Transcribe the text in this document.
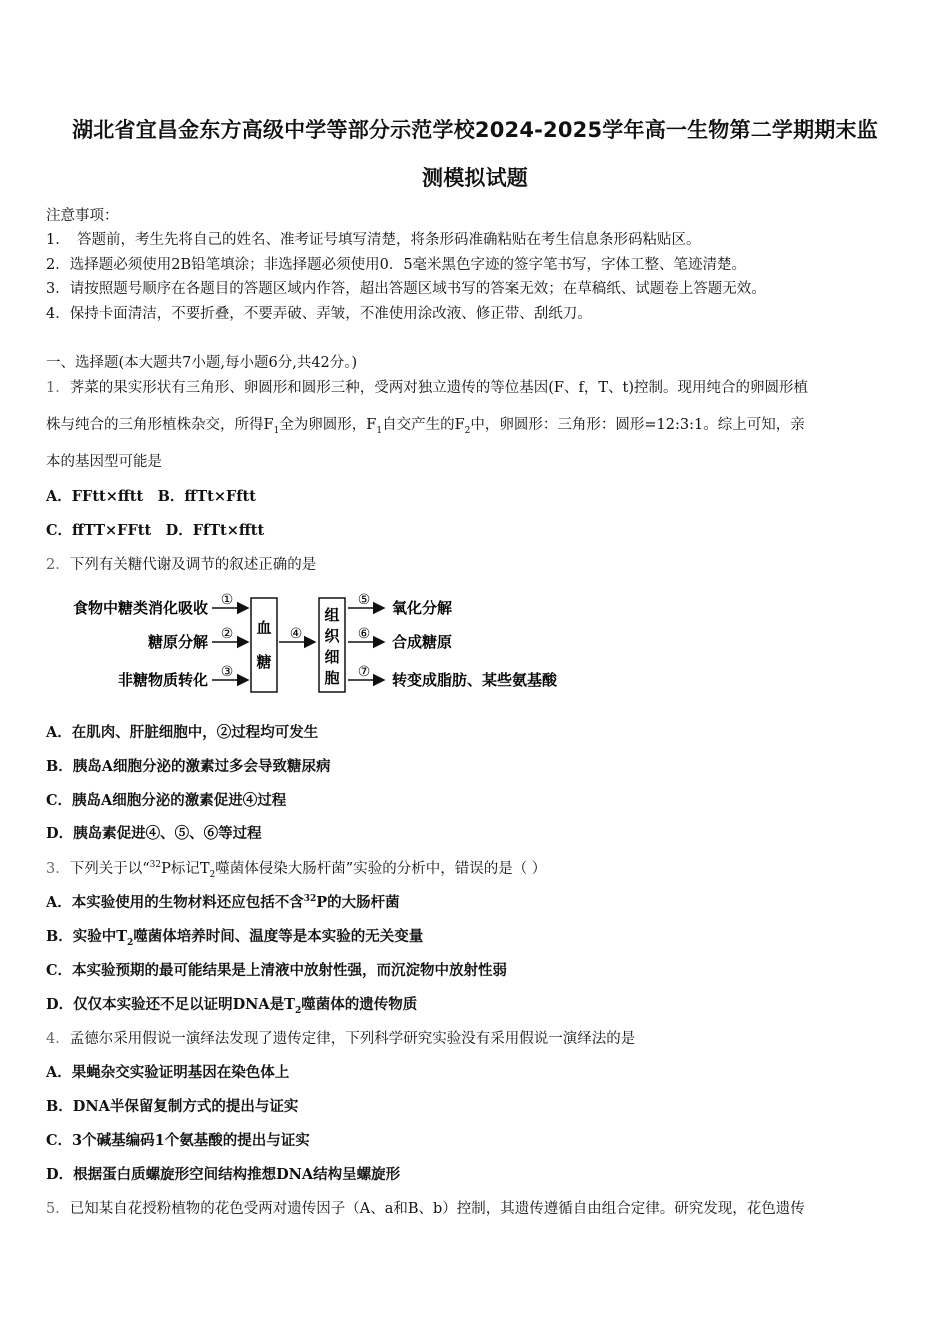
湖北省宜昌金东方高级中学等部分示范学校2024-2025学年高一生物第二学期期末监
测模拟试题
注意事项：
1．　答题前，考生先将自己的姓名、准考证号填写清楚，将条形码准确粘贴在考生信息条形码粘贴区。
2．选择题必须使用2B铅笔填涂；非选择题必须使用0．5毫米黑色字迹的签字笔书写，字体工整、笔迹清楚。
3．请按照题号顺序在各题目的答题区域内作答，超出答题区域书写的答案无效；在草稿纸、试题卷上答题无效。
4．保持卡面清洁，不要折叠，不要弄破、弄皱，不准使用涂改液、修正带、刮纸刀。
一、选择题(本大题共7小题,每小题6分,共42分。)
1．荠菜的果实形状有三角形、卵圆形和圆形三种，受两对独立遗传的等位基因(F、f，T、t)控制。现用纯合的卵圆形植
株与纯合的三角形植株杂交，所得$F_1$全为卵圆形，$F_1$自交产生的$F_2$中，卵圆形：三角形：圆形=12:3:1。综上可知，亲
本的基因型可能是
A．FFtt×fftt　B．ffTt×Fftt
C．ffTT×FFtt　D．FfTt×fftt
2．下列有关糖代谢及调节的叙述正确的是
食物中糖类消化吸收
糖原分解
非糖物质转化
①
②
③
血
糖
④
组
织
细
胞
⑤
⑥
⑦
氧化分解
合成糖原
转变成脂肪、某些氨基酸
A．在肌肉、肝脏细胞中，②过程均可发生
B．胰岛A细胞分泌的激素过多会导致糖尿病
C．胰岛A细胞分泌的激素促进④过程
D．胰岛素促进④、⑤、⑥等过程
3．下列关于以“$^{32}$P标记$T_2$噬菌体侵染大肠杆菌”实验的分析中，错误的是（ ）
A．本实验使用的生物材料还应包括不含$^{32}$P的大肠杆菌
B．实验中$T_2$噬菌体培养时间、温度等是本实验的无关变量
C．本实验预期的最可能结果是上清液中放射性强，而沉淀物中放射性弱
D．仅仅本实验还不足以证明DNA是$T_2$噬菌体的遗传物质
4．孟德尔采用假说一演绎法发现了遗传定律，下列科学研究实验没有采用假说一演绎法的是
A．果蝇杂交实验证明基因在染色体上
B．DNA半保留复制方式的提出与证实
C．3个碱基编码1个氨基酸的提出与证实
D．根据蛋白质螺旋形空间结构推想DNA结构呈螺旋形
5．已知某自花授粉植物的花色受两对遗传因子（A、a和B、b）控制，其遗传遵循自由组合定律。研究发现，花色遗传
